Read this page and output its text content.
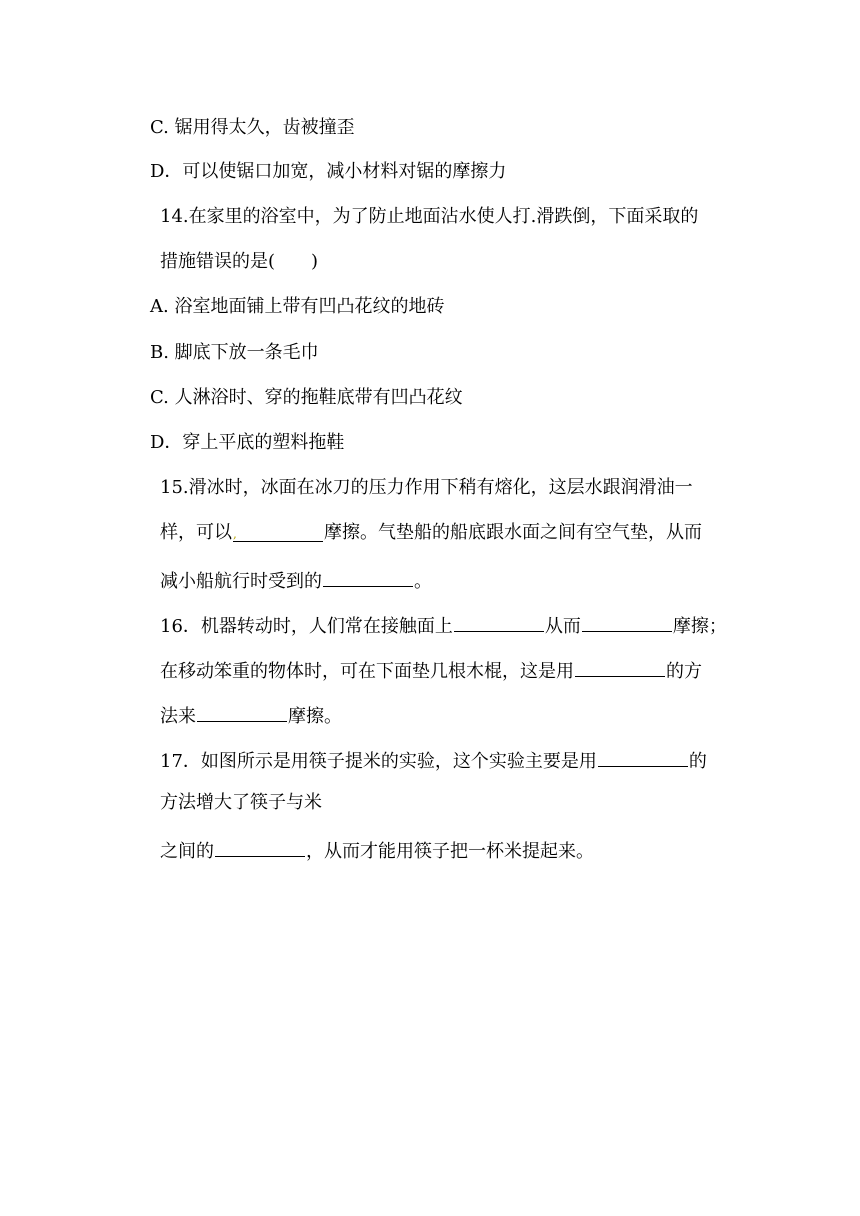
C. 锯用得太久，齿被撞歪
D．可以使锯口加宽，减小材料对锯的摩擦力
14.在家里的浴室中，为了防止地面沾水使人打.滑跌倒，下面采取的
措施错误的是(　　)
A. 浴室地面铺上带有凹凸花纹的地砖
B. 脚底下放一条毛巾
C. 人淋浴时、穿的拖鞋底带有凹凸花纹
D．穿上平底的塑料拖鞋
15.滑冰时，冰面在冰刀的压力作用下稍有熔化，这层水跟润滑油一
样，可以,	摩擦。气垫船的船底跟水面之间有空气垫，从而
减小船航行时受到的	。
16．机器转动时，人们常在接触面上	从而	摩擦；
在移动笨重的物体时，可在下面垫几根木棍，这是用	的方
法来	摩擦。
17．如图所示是用筷子提米的实验，这个实验主要是用	的
方法增大了筷子与米
之间的	，从而才能用筷子把一杯米提起来。
